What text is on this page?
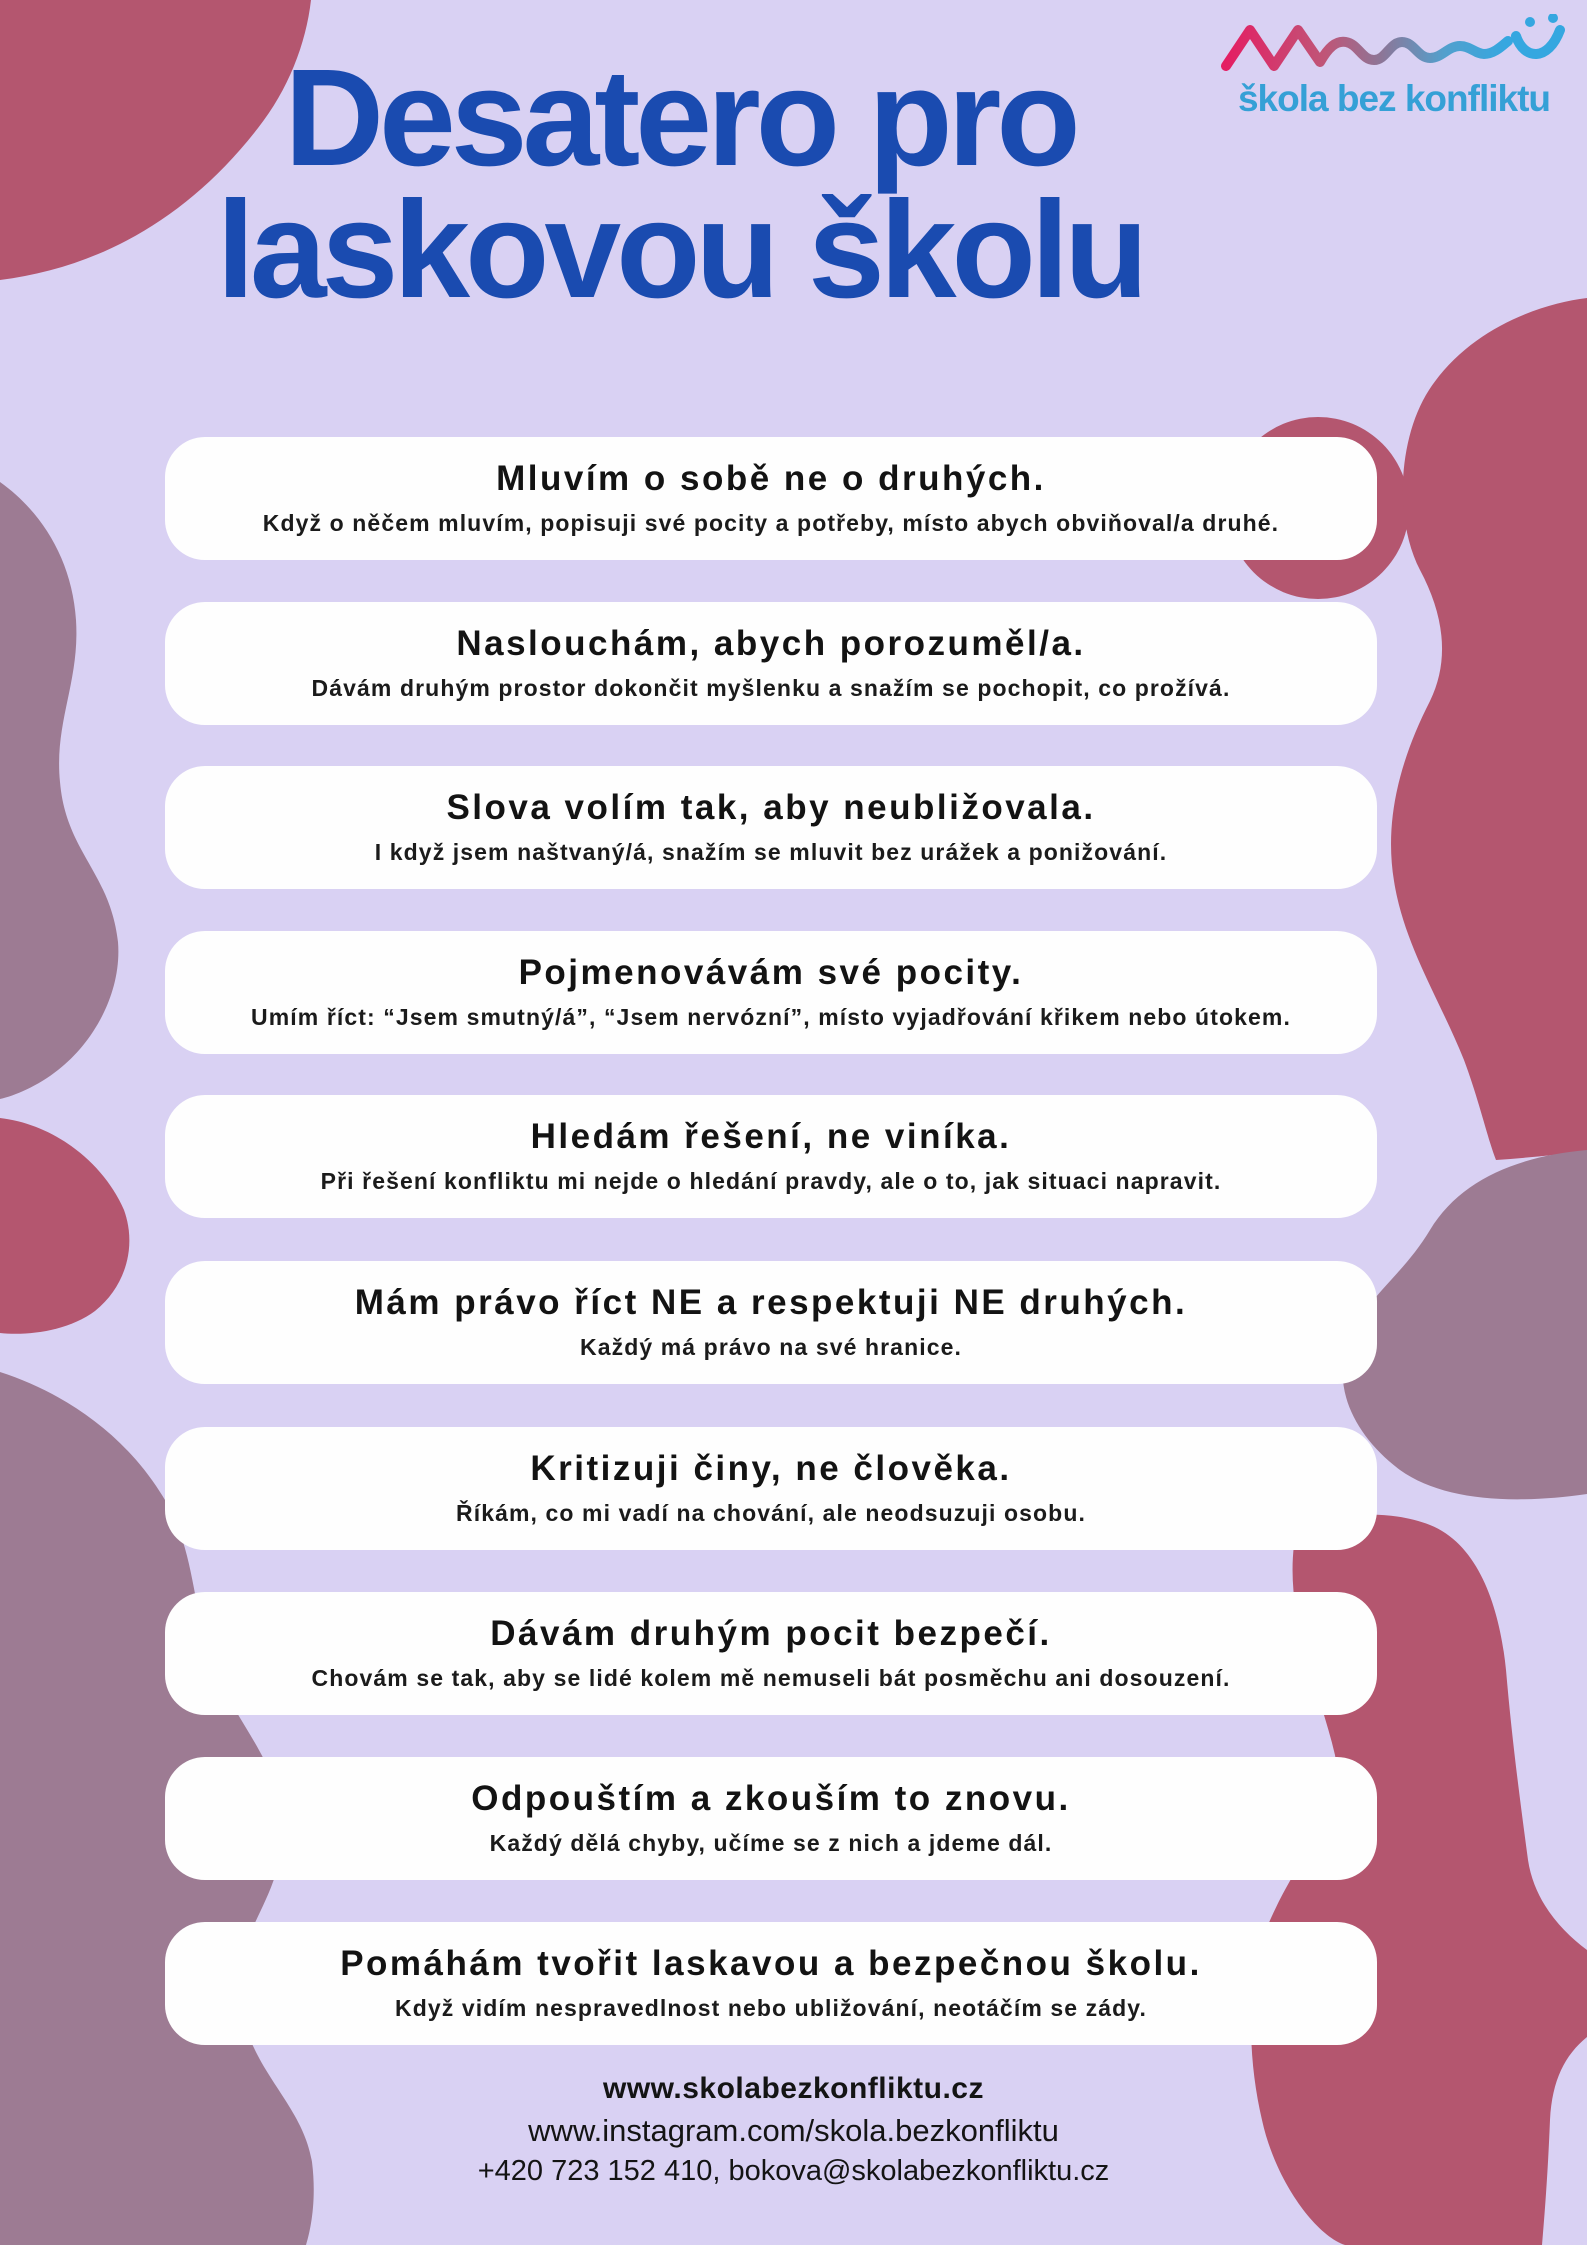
škola bez konfliktu
Desatero pro
laskovou školu
Mluvím o sobě ne o druhých.
Když o něčem mluvím, popisuji své pocity a potřeby, místo abych obviňoval/a druhé.
Naslouchám, abych porozuměl/a.
Dávám druhým prostor dokončit myšlenku a snažím se pochopit, co prožívá.
Slova volím tak, aby neubližovala.
I když jsem naštvaný/á, snažím se mluvit bez urážek a ponižování.
Pojmenovávám své pocity.
Umím říct: “Jsem smutný/á”, “Jsem nervózní”, místo vyjadřování křikem nebo útokem.
Hledám řešení, ne viníka.
Při řešení konfliktu mi nejde o hledání pravdy, ale o to, jak situaci napravit.
Mám právo říct NE a respektuji NE druhých.
Každý má právo na své hranice.
Kritizuji činy, ne člověka.
Říkám, co mi vadí na chování, ale neodsuzuji osobu.
Dávám druhým pocit bezpečí.
Chovám se tak, aby se lidé kolem mě nemuseli bát posměchu ani dosouzení.
Odpouštím a zkouším to znovu.
Každý dělá chyby, učíme se z nich a jdeme dál.
Pomáhám tvořit laskavou a bezpečnou školu.
Když vidím nespravedlnost nebo ubližování, neotáčím se zády.
www.skolabezkonfliktu.cz
www.instagram.com/skola.bezkonfliktu
+420 723 152 410, bokova@skolabezkonfliktu.cz
